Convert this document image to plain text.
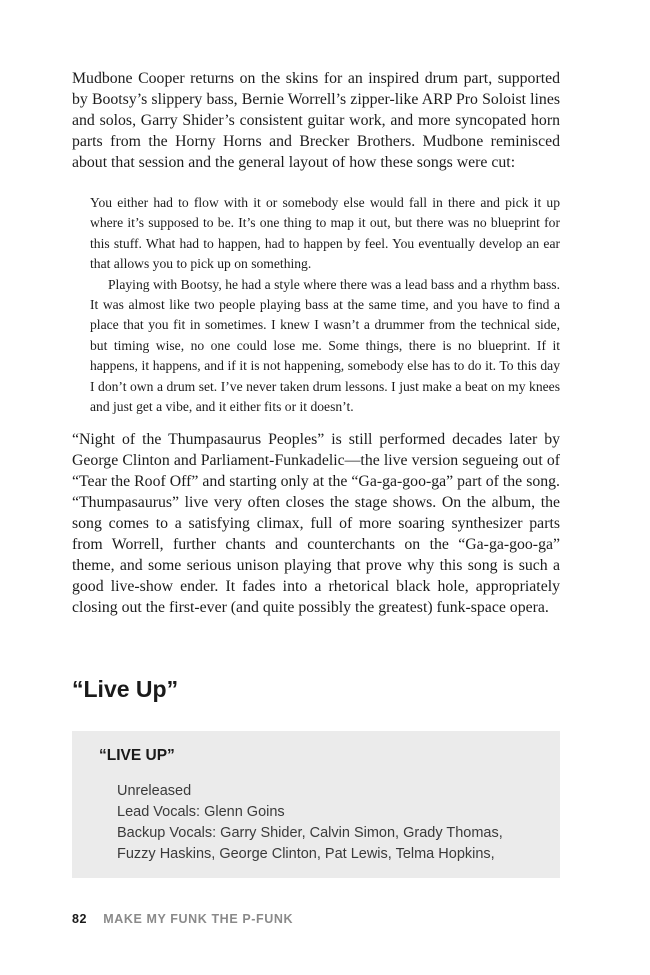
Mudbone Cooper returns on the skins for an inspired drum part, supported by Bootsy’s slippery bass, Bernie Worrell’s zipper-like ARP Pro Soloist lines and solos, Garry Shider’s consistent guitar work, and more syncopated horn parts from the Horny Horns and Brecker Brothers. Mudbone reminisced about that session and the general layout of how these songs were cut:

You either had to flow with it or somebody else would fall in there and pick it up where it’s supposed to be. It’s one thing to map it out, but there was no blueprint for this stuff. What had to happen, had to happen by feel. You eventually develop an ear that allows you to pick up on something.

Playing with Bootsy, he had a style where there was a lead bass and a rhythm bass. It was almost like two people playing bass at the same time, and you have to find a place that you fit in sometimes. I knew I wasn’t a drummer from the technical side, but timing wise, no one could lose me. Some things, there is no blueprint. If it happens, it happens, and if it is not happening, somebody else has to do it. To this day I don’t own a drum set. I’ve never taken drum lessons. I just make a beat on my knees and just get a vibe, and it either fits or it doesn’t.

“Night of the Thumpasaurus Peoples” is still performed decades later by George Clinton and Parliament-Funkadelic—the live version segueing out of “Tear the Roof Off” and starting only at the “Ga-ga-goo-ga” part of the song. “Thumpasaurus” live very often closes the stage shows. On the album, the song comes to a satisfying climax, full of more soaring synthesizer parts from Worrell, further chants and counterchants on the “Ga-ga-goo-ga” theme, and some serious unison playing that prove why this song is such a good live-show ender. It fades into a rhetorical black hole, appropriately closing out the first-ever (and quite possibly the greatest) funk-space opera.

“Live Up”
“LIVE UP”
Unreleased
Lead Vocals: Glenn Goins
Backup Vocals: Garry Shider, Calvin Simon, Grady Thomas,
Fuzzy Haskins, George Clinton, Pat Lewis, Telma Hopkins,
82 MAKE MY FUNK THE P-FUNK
